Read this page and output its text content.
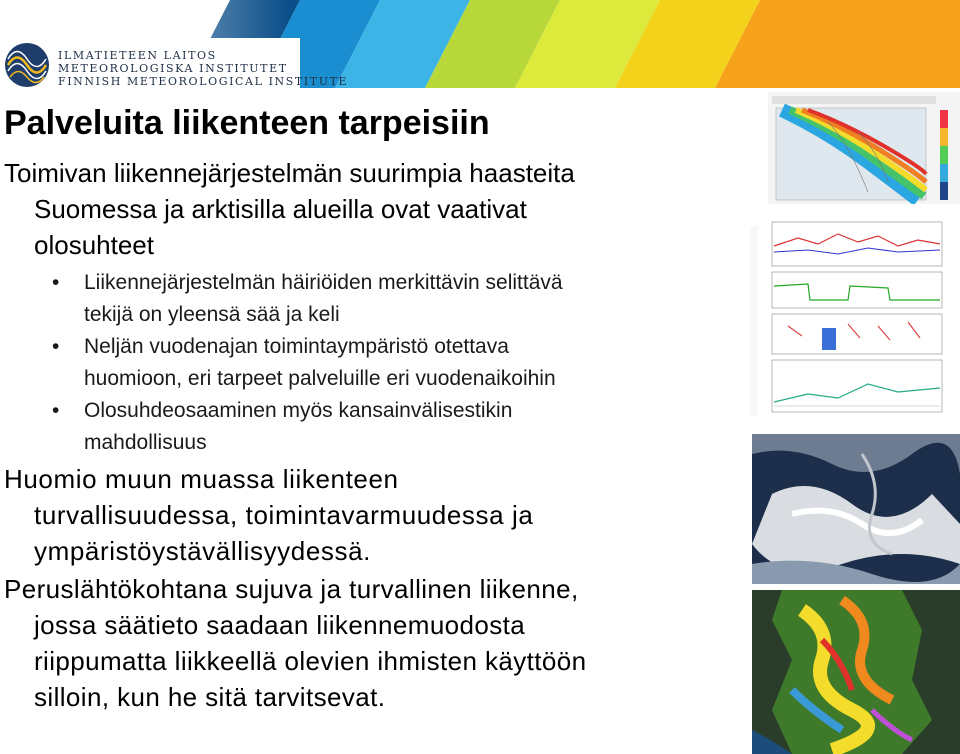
ILMATIETEEN LAITOS
METEOROLOGISKA INSTITUTET
FINNISH METEOROLOGICAL INSTITUTE
Palveluita liikenteen tarpeisiin

Toimivan liikennejärjestelmän suurimpia haasteita
Suomessa ja arktisilla alueilla ovat vaativat
olosuhteet

• Liikennejärjestelmän häiriöiden merkittävin selittävä
tekijä on yleensä sää ja keli
• Neljän vuodenajan toimintaympäristö otettava
huomioon, eri tarpeet palveluille eri vuodenaikoihin
• Olosuhdeosaaminen myös kansainvälisestikin
mahdollisuus

Huomio muun muassa liikenteen
turvallisuudessa, toimintavarmuudessa ja
ympäristöystävällisyydessä.

Peruslähtökohtana sujuva ja turvallinen liikenne,
jossa säätieto saadaan liikennemuodosta
riippumatta liikkeellä olevien ihmisten käyttöön
silloin, kun he sitä tarvitsevat.
